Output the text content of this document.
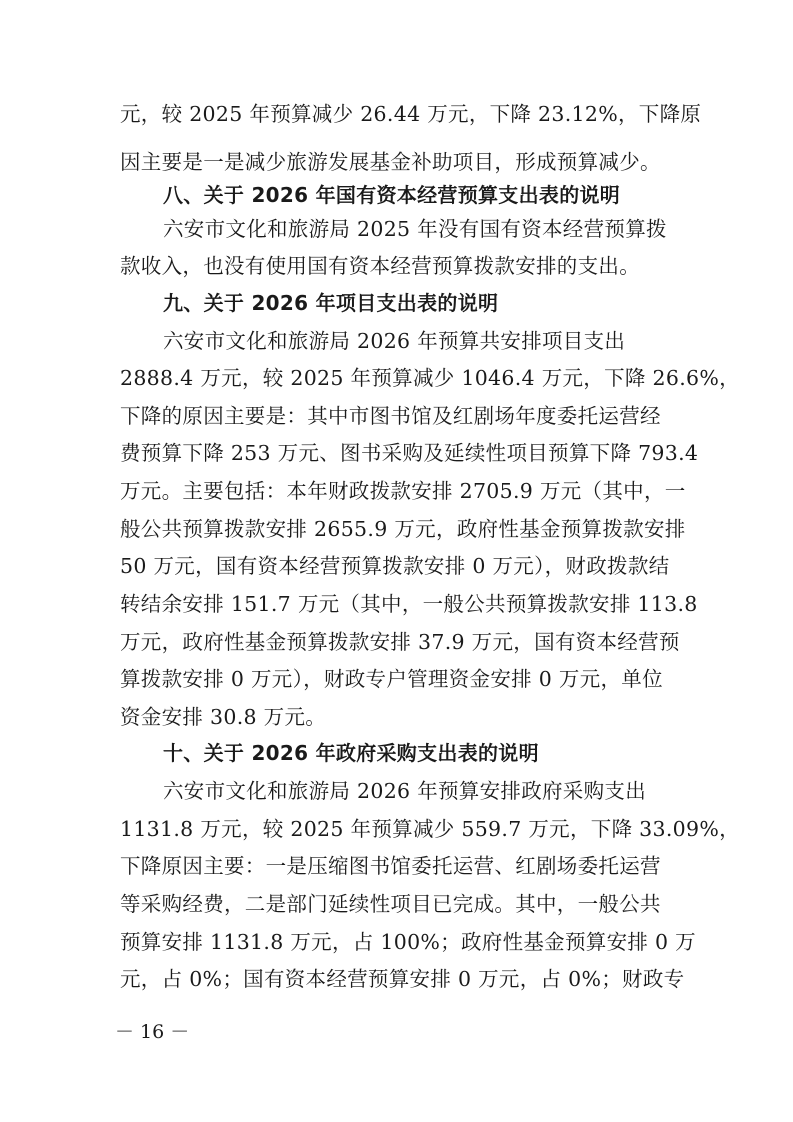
元，较 2025 年预算减少 26.44 万元，下降 23.12%，下降原
因主要是一是减少旅游发展基金补助项目，形成预算减少。
八、关于 2026 年国有资本经营预算支出表的说明
六安市文化和旅游局 2025 年没有国有资本经营预算拨
款收入，也没有使用国有资本经营预算拨款安排的支出。
九、关于 2026 年项目支出表的说明
六安市文化和旅游局 2026 年预算共安排项目支出
2888.4 万元，较 2025 年预算减少 1046.4 万元，下降 26.6%，
下降的原因主要是：其中市图书馆及红剧场年度委托运营经
费预算下降 253 万元、图书采购及延续性项目预算下降 793.4
万元。主要包括：本年财政拨款安排 2705.9 万元（其中，一
般公共预算拨款安排 2655.9 万元，政府性基金预算拨款安排
50 万元，国有资本经营预算拨款安排 0 万元），财政拨款结
转结余安排 151.7 万元（其中，一般公共预算拨款安排 113.8
万元，政府性基金预算拨款安排 37.9 万元，国有资本经营预
算拨款安排 0 万元），财政专户管理资金安排 0 万元，单位
资金安排 30.8 万元。
十、关于 2026 年政府采购支出表的说明
六安市文化和旅游局 2026 年预算安排政府采购支出
1131.8 万元，较 2025 年预算减少 559.7 万元，下降 33.09%，
下降原因主要：一是压缩图书馆委托运营、红剧场委托运营
等采购经费，二是部门延续性项目已完成。其中，一般公共
预算安排 1131.8 万元，占 100%；政府性基金预算安排 0 万
元，占 0%；国有资本经营预算安排 0 万元，占 0%；财政专
－ 16 －
